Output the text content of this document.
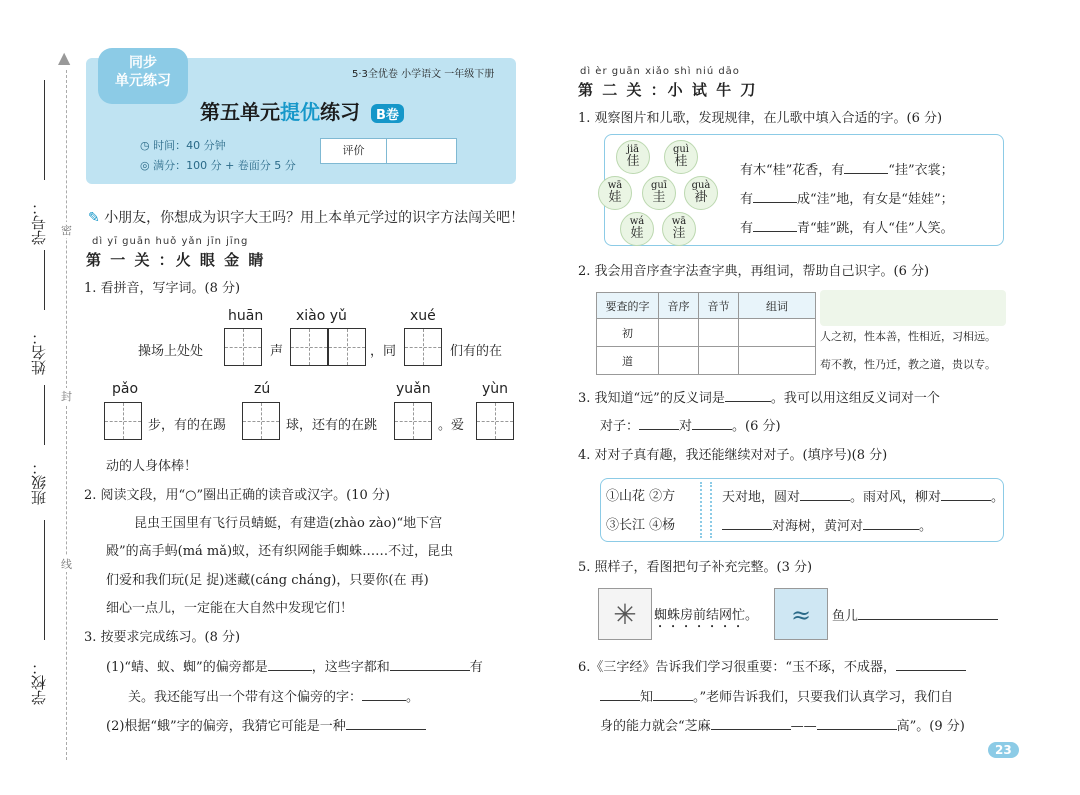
学号：
姓名：
班级：
学校：
密
封
线
▲	同步
单元练习	5·3全优卷 小学语文 一年级下册
第五单元提优练习 B卷
◷ 时间：40 分钟
◎ 满分：100 分 + 卷面分 5 分
评价
✎ 小朋友，你想成为识字大王吗？用上本单元学过的识字方法闯关吧！
dì yī guān huǒ yǎn jīn jīng
第 一 关 ：火 眼 金 睛
1. 看拼音，写字词。(8 分)
huān xiào yǔ	xué
操场上处处	声	，同	们有的在
pǎo	zú	yuǎn	yùn
步，有的在踢	球，还有的在跳	。爱
动的人身体棒！
2. 阅读文段，用“○”圈出正确的读音或汉字。(10 分)
昆虫王国里有飞行员蜻蜓，有建造(zhào zào)“地下宫
殿”的高手蚂(má mǎ)蚁，还有织网能手蜘蛛……不过，昆虫
们爱和我们玩(足 捉)迷藏(cáng cháng)，只要你(在 再)
细心一点儿，一定能在大自然中发现它们！
3. 按要求完成练习。(8 分)
(1)“蜻、蚁、蜘”的偏旁都是	，这些字都和	有
关。我还能写出一个带有这个偏旁的字：	。
(2)根据“蛾”字的偏旁，我猜它可能是一种
dì èr guān xiǎo shì niú dāo
第 二 关 ：小 试 牛 刀
1. 观察图片和儿歌，发现规律，在儿歌中填入合适的字。(6 分)
jiā
佳
guì
桂
wā
娃
guī
圭
guà
褂
wá
娃
wā
洼
有木“桂”花香，有	“挂”衣裳；
有	成“洼”地，有女是“娃娃”；
有	青“蛙”跳，有人“佳”人笑。
2. 我会用音序查字法查字典，再组词，帮助自己识字。(6 分)
要查的字	音序	音节	组词
初			
道			
人之初，性本善，性相近，习相远。
苟不教，性乃迁，教之道，贵以专。
3. 我知道“远”的反义词是	。我可以用这组反义词对一个
对子：	对	。(6 分)
4. 对对子真有趣，我还能继续对对子。(填序号)(8 分)
①山花 ②方
③长江 ④杨
天对地，圆对	。雨对风，柳对	。
对海树，黄河对	。
5. 照样子，看图把句子补充完整。(3 分)
✳	蜘蛛房前结网忙。	≈	鱼儿
6.《三字经》告诉我们学习很重要：“玉不琢，不成器，
知	。”老师告诉我们，只要我们认真学习，我们自
身的能力就会“芝麻	——	高”。(9 分)
23
